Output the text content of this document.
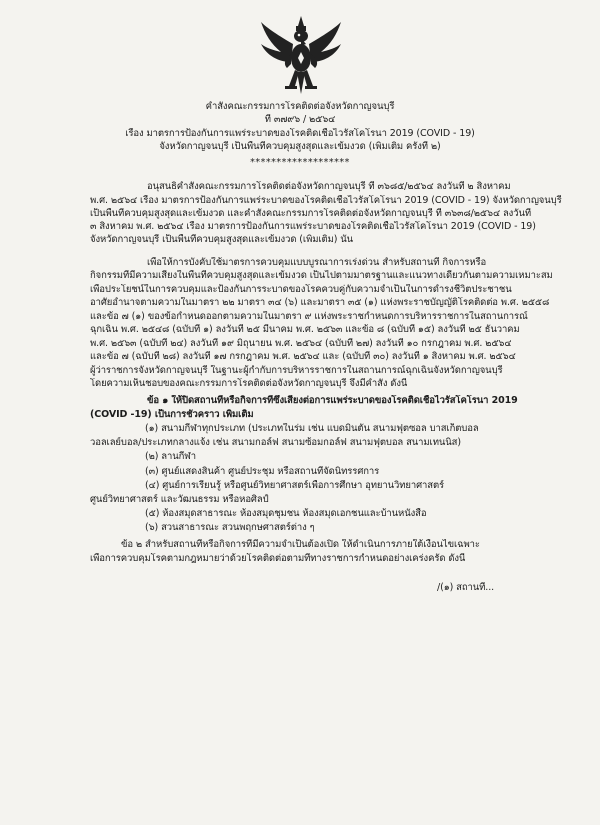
คำสั่งคณะกรรมการโรคติดต่อจังหวัดกาญจนบุรี
ที่ ๓๗๙๖ / ๒๕๖๔
เรื่อง มาตรการป้องกันการแพร่ระบาดของโรคติดเชื้อไวรัสโคโรนา 2019 (COVID - 19)
จังหวัดกาญจนบุรี เป็นพื้นที่ควบคุมสูงสุดและเข้มงวด (เพิ่มเติม ครั้งที่ ๒)
*******************
อนุสนธิคำสั่งคณะกรรมการโรคติดต่อจังหวัดกาญจนบุรี ที่ ๓๖๘๕/๒๕๖๔ ลงวันที่ ๒ สิงหาคม
พ.ศ. ๒๕๖๔ เรื่อง มาตรการป้องกันการแพร่ระบาดของโรคติดเชื้อไวรัสโคโรนา 2019 (COVID - 19) จังหวัดกาญจนบุรี
เป็นพื้นที่ควบคุมสูงสุดและเข้มงวด และคำสั่งคณะกรรมการโรคติดต่อจังหวัดกาญจนบุรี ที่ ๓๖๓๘/๒๕๖๔ ลงวันที่
๓ สิงหาคม พ.ศ. ๒๕๖๔ เรื่อง มาตรการป้องกันการแพร่ระบาดของโรคติดเชื้อไวรัสโคโรนา 2019 (COVID - 19)
จังหวัดกาญจนบุรี เป็นพื้นที่ควบคุมสูงสุดและเข้มงวด (เพิ่มเติม) นั้น
เพื่อให้การบังคับใช้มาตรการควบคุมแบบบูรณาการเร่งด่วน สำหรับสถานที่ กิจการหรือ
กิจกรรมที่มีความเสี่ยงในพื้นที่ควบคุมสูงสุดและเข้มงวด เป็นไปตามมาตรฐานและแนวทางเดียวกันตามความเหมาะสม
เพื่อประโยชน์ในการควบคุมและป้องกันการระบาดของโรคควบคู่กับความจำเป็นในการดำรงชีวิตประชาชน
อาศัยอำนาจตามความในมาตรา ๒๒ มาตรา ๓๔ (๖) และมาตรา ๓๕ (๑) แห่งพระราชบัญญัติโรคติดต่อ พ.ศ. ๒๕๕๘
และข้อ ๗ (๑) ของข้อกำหนดออกตามความในมาตรา ๙ แห่งพระราชกำหนดการบริหารราชการในสถานการณ์
ฉุกเฉิน พ.ศ. ๒๕๔๘ (ฉบับที่ ๑) ลงวันที่ ๒๕ มีนาคม พ.ศ. ๒๕๖๓ และข้อ ๘ (ฉบับที่ ๑๕) ลงวันที่ ๒๕ ธันวาคม
พ.ศ. ๒๕๖๓ (ฉบับที่ ๒๔) ลงวันที่ ๑๙ มิถุนายน พ.ศ. ๒๕๖๔ (ฉบับที่ ๒๗) ลงวันที่ ๑๐ กรกฎาคม พ.ศ. ๒๕๖๔
และข้อ ๗ (ฉบับที่ ๒๘) ลงวันที่ ๑๗ กรกฎาคม พ.ศ. ๒๕๖๔ และ (ฉบับที่ ๓๐) ลงวันที่ ๑ สิงหาคม พ.ศ. ๒๕๖๔
ผู้ว่าราชการจังหวัดกาญจนบุรี ในฐานะผู้กำกับการบริหารราชการในสถานการณ์ฉุกเฉินจังหวัดกาญจนบุรี
โดยความเห็นชอบของคณะกรรมการโรคติดต่อจังหวัดกาญจนบุรี จึงมีคำสั่ง ดังนี้
ข้อ ๑ ให้ปิดสถานที่หรือกิจการที่ซึ่งเสี่ยงต่อการแพร่ระบาดของโรคติดเชื้อไวรัสโคโรนา 2019
(COVID -19) เป็นการชั่วคราว เพิ่มเติม
(๑) สนามกีฬาทุกประเภท (ประเภทในร่ม เช่น แบดมินตัน สนามฟุตซอล บาสเก็ตบอล
วอลเลย์บอล/ประเภทกลางแจ้ง เช่น สนามกอล์ฟ สนามซ้อมกอล์ฟ สนามฟุตบอล สนามเทนนิส)
(๒) ลานกีฬา
(๓) ศูนย์แสดงสินค้า ศูนย์ประชุม หรือสถานที่จัดนิทรรศการ
(๔) ศูนย์การเรียนรู้ หรือศูนย์วิทยาศาสตร์เพื่อการศึกษา อุทยานวิทยาศาสตร์
ศูนย์วิทยาศาสตร์ และวัฒนธรรม หรือหอศิลป์
(๕) ห้องสมุดสาธารณะ ห้องสมุดชุมชน ห้องสมุดเอกชนและบ้านหนังสือ
(๖) สวนสาธารณะ สวนพฤกษศาสตร์ต่าง ๆ
ข้อ ๒ สำหรับสถานที่หรือกิจการที่มีความจำเป็นต้องเปิด ให้ดำเนินการภายใต้เงื่อนไขเฉพาะ
เพื่อการควบคุมโรคตามกฎหมายว่าด้วยโรคติดต่อตามที่ทางราชการกำหนดอย่างเคร่งครัด ดังนี้
/(๑) สถานที่...
